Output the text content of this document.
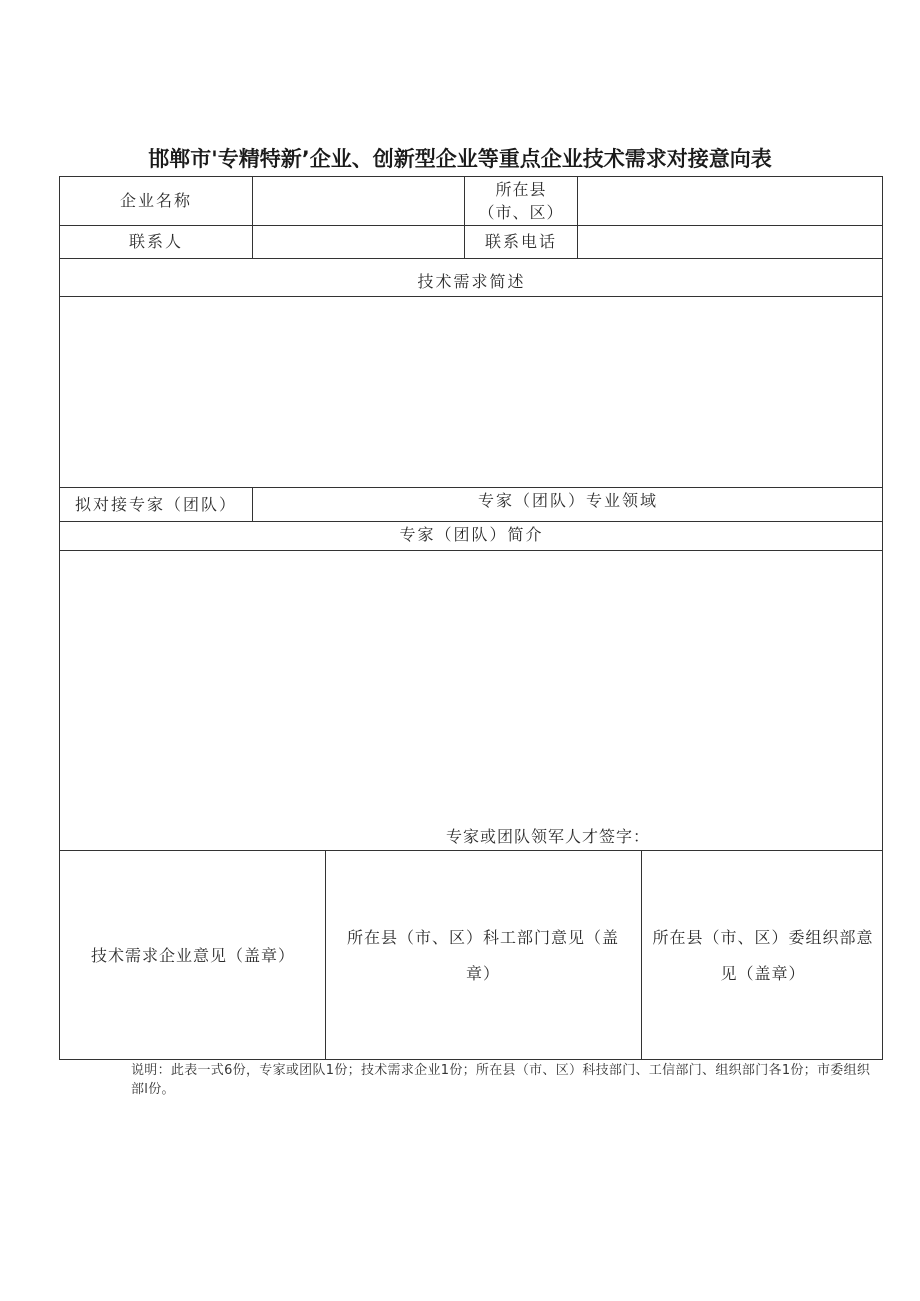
邯郸市'专精特新’企业、创新型企业等重点企业技术需求对接意向表
企业名称
所在县（市、区）
联系人	联系电话
技术需求简述
拟对接专家（团队）	专家（团队）专业领域
专家（团队）简介
专家或团队领军人才签字：
技术需求企业意见（盖章）
所在县（市、区）科工部门意见（盖章）
所在县（市、区）委组织部意见（盖章）
说明：此表一式6份，专家或团队1份；技术需求企业1份；所在县（市、区）科技部门、工信部门、组织部门各1份；市委组织部l份。
